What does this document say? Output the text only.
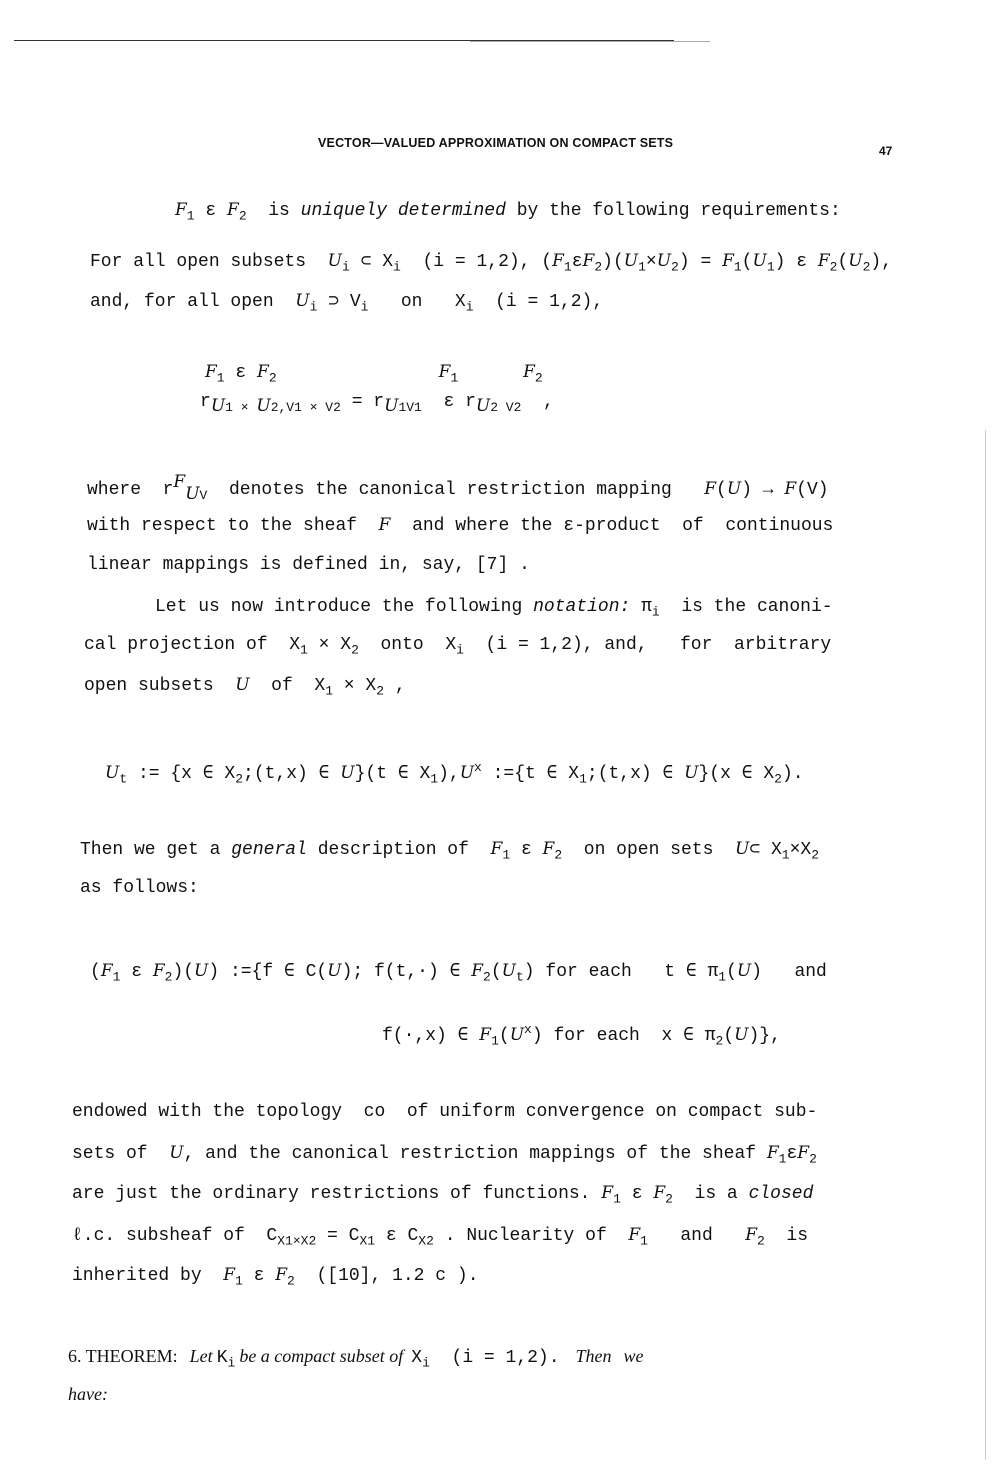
VECTOR—VALUED APPROXIMATION ON COMPACT SETS
47
$F_1$ ε $F_2$  is uniquely determined by the following requirements:
For all open subsets $U_i$ ⊂ $X_i$ (i = 1,2), $(F_1\varepsilon F_2)(U_1\times U_2) = F_1(U_1)$ ε $F_2(U_2)$,
and, for all open $U_i$ ⊃ $V_i$ on   $X_i$ (i = 1,2),
$F_1$ ε $F_2$	$F_1$	$F_2$
$r_{U1 \times U2,V1 \times V2} = r_{U1V1}$  ε $r_{U2 V2}$  ,
where  $r^F_{UV}$ denotes the canonical restriction mapping F(U) → F(V)
with respect to the sheaf F and where the ε-product of continuous
linear mappings is defined in, say, [7] .
Let us now introduce the following notation: $\pi_i$ is the canoni-
cal projection of  $X_1 \times X_2$ onto  $X_i$ (i = 1,2), and, for arbitrary
open subsets U of  $X_1 \times X_2$ ,
$U_t$ := {x ∈ $X_2;(t,x)$ ∈ U}(t ∈ $X_1),U^x$ :={t ∈ $X_1;(t,x)$ ∈ U}(x ∈ $X_2$).
Then we get a general description of $F_1$ ε $F_2$ on open sets U⊂ $X_1\times X_2$
as follows:
($F_1$ ε $F_2)(U)$ :={f ∈ C(U); f(t,·) ∈ $F_2(U_t)$ for each   t ∈ $\pi_1(U)$   and
f(·,x) ∈ $F_1(U^x)$ for each  x ∈ $\pi_2(U)$},
endowed with the topology co of uniform convergence on compact sub-
sets of U, and the canonical restriction mappings of the sheaf $F_1\varepsilon F_2$
are just the ordinary restrictions of functions. $F_1$ ε $F_2$ is a closed
ℓ.c. subsheaf of  $C_{X1\times X2} = C_{X1}$ ε $C_{X2}$ . Nuclearity of $F_1$ and $F_2$ is
inherited by $F_1$ ε $F_2$ ([10], 1.2 c ).
6. THEOREM: Let $K_i$ be a compact subset of $X_i$ (i = 1,2). Then we
have:
